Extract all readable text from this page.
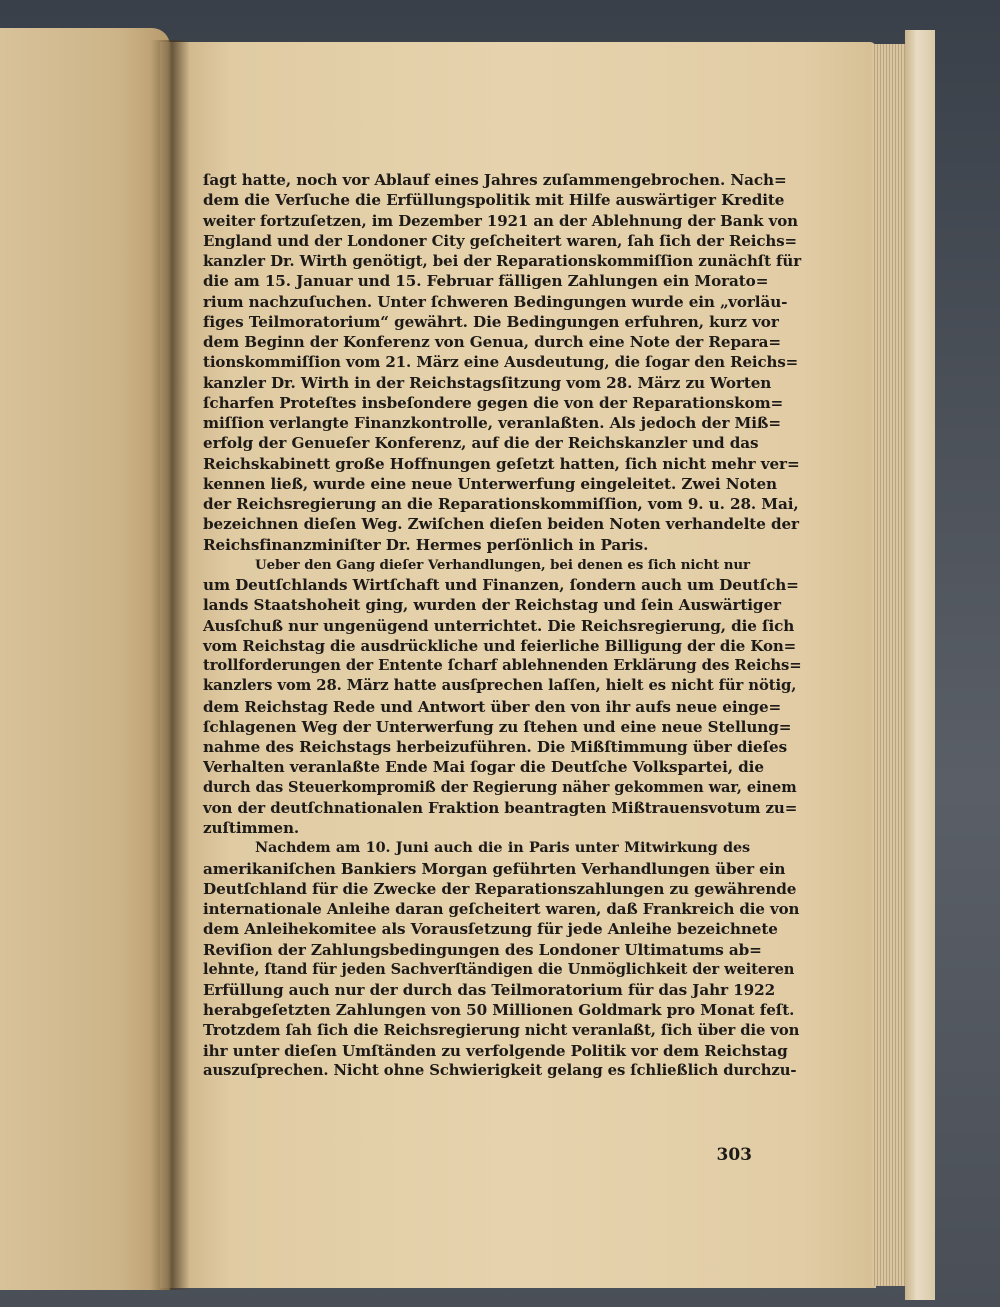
ſagt hatte, noch vor Ablauf eines Jahres zuſammengebrochen. Nach=
dem die Verſuche die Erfüllungspolitik mit Hilfe auswärtiger Kredite
weiter fortzuſetzen, im Dezember 1921 an der Ablehnung der Bank von
England und der Londoner City geſcheitert waren, ſah ſich der Reichs=
kanzler Dr. Wirth genötigt, bei der Reparationskommiſſion zunächſt für
die am 15. Januar und 15. Februar fälligen Zahlungen ein Morato=
rium nachzuſuchen. Unter ſchweren Bedingungen wurde ein „vorläu-
figes Teilmoratorium“ gewährt. Die Bedingungen erfuhren, kurz vor
dem Beginn der Konferenz von Genua, durch eine Note der Repara=
tionskommiſſion vom 21. März eine Ausdeutung, die ſogar den Reichs=
kanzler Dr. Wirth in der Reichstagsſitzung vom 28. März zu Worten
ſcharfen Proteſtes insbeſondere gegen die von der Reparationskom=
miſſion verlangte Finanzkontrolle, veranlaßten. Als jedoch der Miß=
erfolg der Genueſer Konferenz, auf die der Reichskanzler und das
Reichskabinett große Hoffnungen geſetzt hatten, ſich nicht mehr ver=
kennen ließ, wurde eine neue Unterwerfung eingeleitet. Zwei Noten
der Reichsregierung an die Reparationskommiſſion, vom 9. u. 28. Mai,
bezeichnen dieſen Weg. Zwiſchen dieſen beiden Noten verhandelte der
Reichsfinanzminiſter Dr. Hermes perſönlich in Paris.
Ueber den Gang dieſer Verhandlungen, bei denen es ſich nicht nur
um Deutſchlands Wirtſchaft und Finanzen, ſondern auch um Deutſch=
lands Staatshoheit ging, wurden der Reichstag und ſein Auswärtiger
Ausſchuß nur ungenügend unterrichtet. Die Reichsregierung, die ſich
vom Reichstag die ausdrückliche und feierliche Billigung der die Kon=
trollforderungen der Entente ſcharf ablehnenden Erklärung des Reichs=
kanzlers vom 28. März hatte ausſprechen laſſen, hielt es nicht für nötig,
dem Reichstag Rede und Antwort über den von ihr aufs neue einge=
ſchlagenen Weg der Unterwerfung zu ſtehen und eine neue Stellung=
nahme des Reichstags herbeizuführen. Die Mißſtimmung über dieſes
Verhalten veranlaßte Ende Mai ſogar die Deutſche Volkspartei, die
durch das Steuerkompromiß der Regierung näher gekommen war, einem
von der deutſchnationalen Fraktion beantragten Mißtrauensvotum zu=
zuſtimmen.
Nachdem am 10. Juni auch die in Paris unter Mitwirkung des
amerikaniſchen Bankiers Morgan geführten Verhandlungen über ein
Deutſchland für die Zwecke der Reparationszahlungen zu gewährende
internationale Anleihe daran geſcheitert waren, daß Frankreich die von
dem Anleihekomitee als Vorausſetzung für jede Anleihe bezeichnete
Reviſion der Zahlungsbedingungen des Londoner Ultimatums ab=
lehnte, ſtand für jeden Sachverſtändigen die Unmöglichkeit der weiteren
Erfüllung auch nur der durch das Teilmoratorium für das Jahr 1922
herabgeſetzten Zahlungen von 50 Millionen Goldmark pro Monat feſt.
Trotzdem ſah ſich die Reichsregierung nicht veranlaßt, ſich über die von
ihr unter dieſen Umſtänden zu verfolgende Politik vor dem Reichstag
auszuſprechen. Nicht ohne Schwierigkeit gelang es ſchließlich durchzu-
303
